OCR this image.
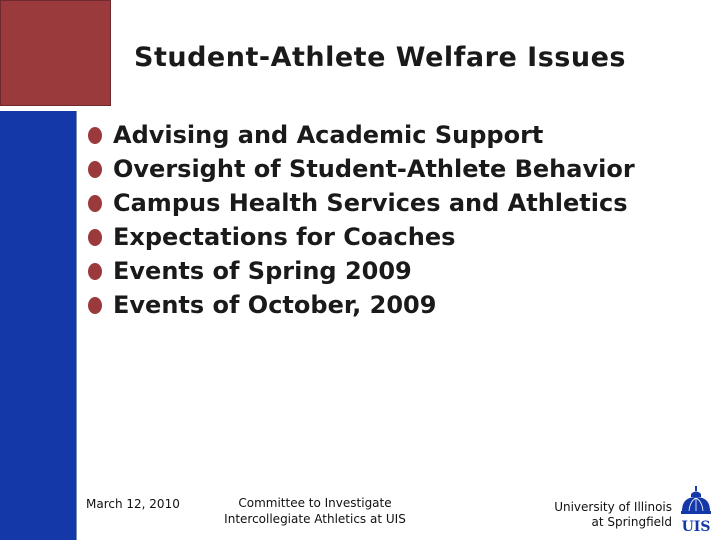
Student-Athlete Welfare Issues
Advising and Academic Support
Oversight of Student-Athlete Behavior
Campus Health Services and Athletics
Expectations for Coaches
Events of Spring 2009
Events of October, 2009
March 12, 2010	Committee to Investigate
Intercollegiate Athletics at UIS
University of Illinois
at Springfield UIS
